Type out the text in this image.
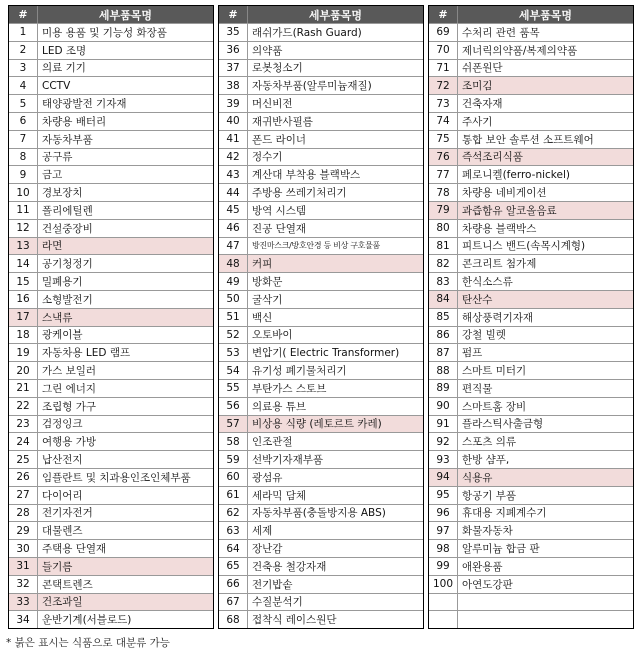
#	세부품목명
1	미용 용품 및 기능성 화장품
2	LED 조명
3	의료 기기
4	CCTV
5	태양광발전 기자재
6	차량용 배터리
7	자동차부품
8	공구류
9	금고
10	경보장치
11	폴리에틸렌
12	건설중장비
13	라면
14	공기청정기
15	밀폐용기
16	소형발전기
17	스낵류
18	광케이블
19	자동차용 LED 램프
20	가스 보일러
21	그린 에너지
22	조립형 가구
23	검정잉크
24	여행용 가방
25	납산전지
26	임플란트 및 치과용인조인체부품
27	다이어리
28	전기자전거
29	대물렌즈
30	주택용 단열재
31	들기름
32	콘택트렌즈
33	건조과일
34	운반기계(서블로드)
#	세부품목명
35	래쉬가드(Rash Guard)
36	의약품
37	로봇청소기
38	자동차부품(알루미늄재질)
39	머신비전
40	재귀반사필름
41	폰드 라이너
42	정수기
43	계산대 부착용 블랙박스
44	주방용 쓰레기처리기
45	방역 시스템
46	진공 단열재
47	방진마스크/방호안경 등 비상 구호물품
48	커피
49	방화문
50	굴삭기
51	백신
52	오토바이
53	변압기( Electric Transformer)
54	유기성 폐기물처리기
55	부탄가스 스토브
56	의료용 튜브
57	비상용 식량 (레토르트 카레)
58	인조관절
59	선박기자재부품
60	광섬유
61	세라믹 담체
62	자동차부품(충돌방지용 ABS)
63	세제
64	장난감
65	건축용 철강자재
66	전기밥솥
67	수질분석기
68	접착식 레이스원단
#	세부품목명
69	수처리 관련 품목
70	제너릭의약품/복제의약품
71	쉬폰원단
72	조미김
73	건축자재
74	주사기
75	통합 보안 솔루션 소프트웨어
76	즉석조리식품
77	페로니켈(ferro-nickel)
78	차량용 네비게이션
79	과즙함유 알코올음료
80	차량용 블랙박스
81	피트니스 밴드(속목시계형)
82	콘크리트 첨가제
83	한식소스류
84	탄산수
85	해상풍력기자재
86	강철 빌렛
87	펌프
88	스마트 미터기
89	편직물
90	스마트홈 장비
91	플라스틱사출금형
92	스포츠 의류
93	한방 샴푸,
94	식용유
95	항공기 부품
96	휴대용 지폐계수기
97	화물자동차
98	알루미늄 합금 판
99	애완용품
100 아연도강판
* 붉은 표시는 식품으로 대분류 가능
